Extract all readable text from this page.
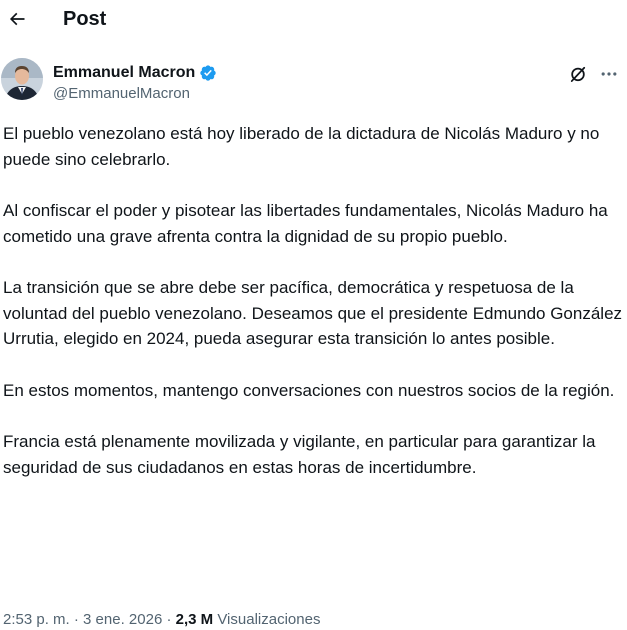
Post
Emmanuel Macron
@EmmanuelMacron

El pueblo venezolano está hoy liberado de la dictadura de Nicolás Maduro y no puede sino celebrarlo.

Al confiscar el poder y pisotear las libertades fundamentales, Nicolás Maduro ha cometido una grave afrenta contra la dignidad de su propio pueblo.

La transición que se abre debe ser pacífica, democrática y respetuosa de la voluntad del pueblo venezolano. Deseamos que el presidente Edmundo González Urrutia, elegido en 2024, pueda asegurar esta transición lo antes posible.

En estos momentos, mantengo conversaciones con nuestros socios de la región.

Francia está plenamente movilizada y vigilante, en particular para garantizar la seguridad de sus ciudadanos en estas horas de incertidumbre.

2:53 p. m. · 3 ene. 2026 · 2,3 M Visualizaciones
